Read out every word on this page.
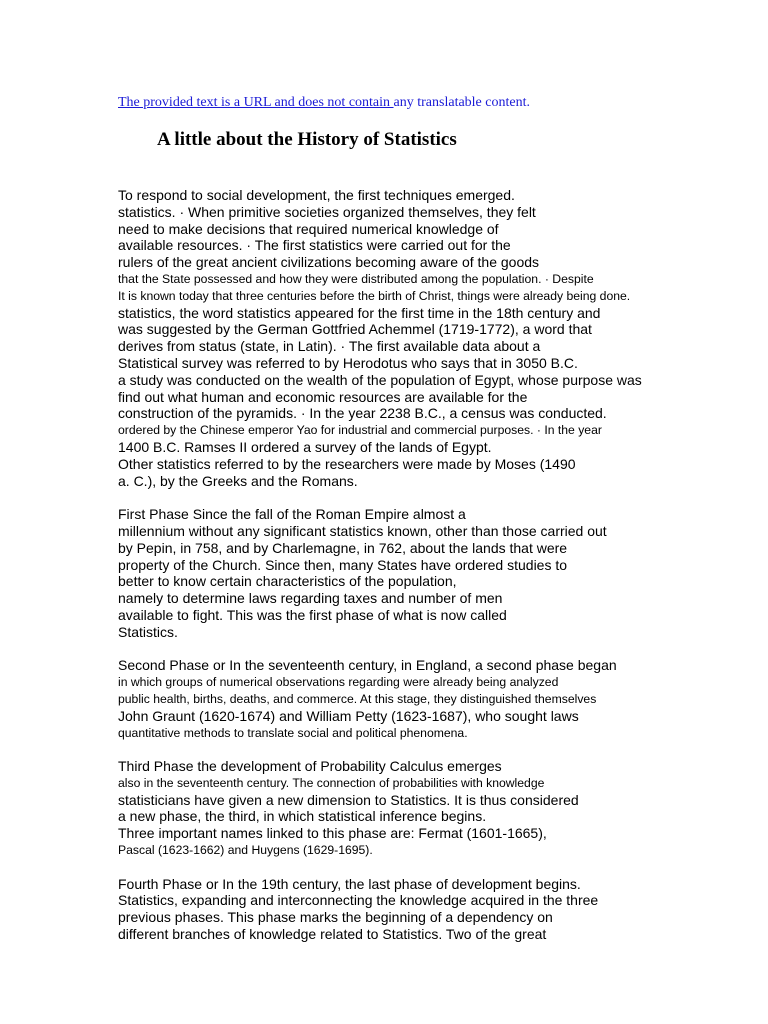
The provided text is a URL and does not contain any translatable content.
A little about the History of Statistics
To respond to social development, the first techniques emerged.
statistics. · When primitive societies organized themselves, they felt
need to make decisions that required numerical knowledge of
available resources. · The first statistics were carried out for the
rulers of the great ancient civilizations becoming aware of the goods
that the State possessed and how they were distributed among the population. · Despite
It is known today that three centuries before the birth of Christ, things were already being done.
statistics, the word statistics appeared for the first time in the 18th century and
was suggested by the German Gottfried Achemmel (1719-1772), a word that
derives from status (state, in Latin). · The first available data about a
Statistical survey was referred to by Herodotus who says that in 3050 B.C.
a study was conducted on the wealth of the population of Egypt, whose purpose was
find out what human and economic resources are available for the
construction of the pyramids. · In the year 2238 B.C., a census was conducted.
ordered by the Chinese emperor Yao for industrial and commercial purposes. · In the year
1400 B.C. Ramses II ordered a survey of the lands of Egypt.
Other statistics referred to by the researchers were made by Moses (1490
a. C.), by the Greeks and the Romans.
First Phase Since the fall of the Roman Empire almost a
millennium without any significant statistics known, other than those carried out
by Pepin, in 758, and by Charlemagne, in 762, about the lands that were
property of the Church. Since then, many States have ordered studies to
better to know certain characteristics of the population,
namely to determine laws regarding taxes and number of men
available to fight. This was the first phase of what is now called
Statistics.
Second Phase or In the seventeenth century, in England, a second phase began
in which groups of numerical observations regarding were already being analyzed
public health, births, deaths, and commerce. At this stage, they distinguished themselves
John Graunt (1620-1674) and William Petty (1623-1687), who sought laws
quantitative methods to translate social and political phenomena.
Third Phase the development of Probability Calculus emerges
also in the seventeenth century. The connection of probabilities with knowledge
statisticians have given a new dimension to Statistics. It is thus considered
a new phase, the third, in which statistical inference begins.
Three important names linked to this phase are: Fermat (1601-1665),
Pascal (1623-1662) and Huygens (1629-1695).
Fourth Phase or In the 19th century, the last phase of development begins.
Statistics, expanding and interconnecting the knowledge acquired in the three
previous phases. This phase marks the beginning of a dependency on
different branches of knowledge related to Statistics. Two of the great
